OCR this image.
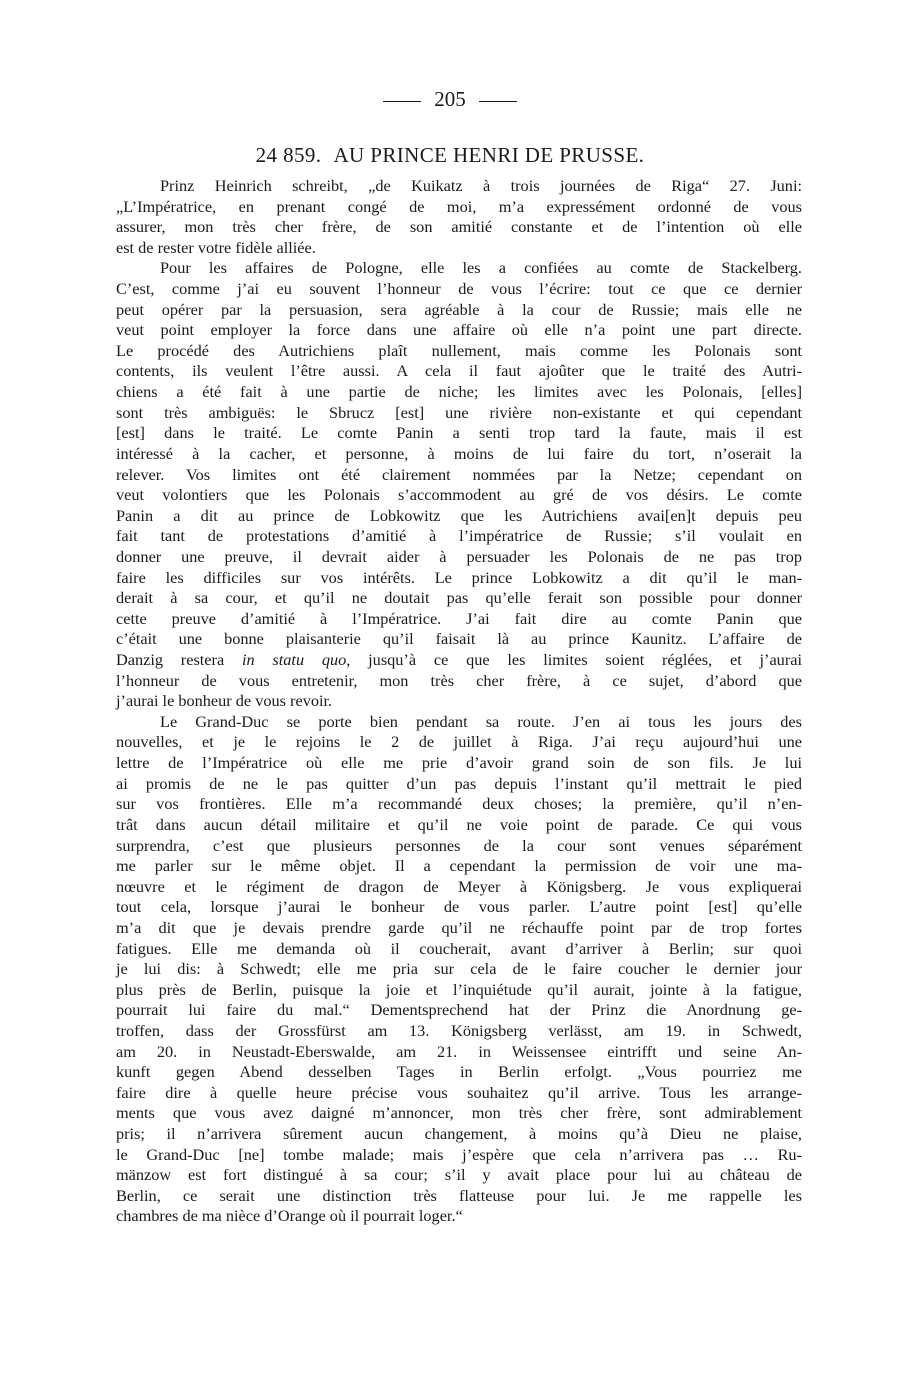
205
24 859. AU PRINCE HENRI DE PRUSSE.
Prinz Heinrich schreibt, „de Kuikatz à trois journées de Riga“ 27. Juni:
„L’Impératrice, en prenant congé de moi, m’a expressément ordonné de vous
assurer, mon très cher frère, de son amitié constante et de l’intention où elle
est de rester votre fidèle alliée.
Pour les affaires de Pologne, elle les a confiées au comte de Stackelberg.
C’est, comme j’ai eu souvent l’honneur de vous l’écrire: tout ce que ce dernier
peut opérer par la persuasion, sera agréable à la cour de Russie; mais elle ne
veut point employer la force dans une affaire où elle n’a point une part directe.
Le procédé des Autrichiens plaît nullement, mais comme les Polonais sont
contents, ils veulent l’être aussi. A cela il faut ajoûter que le traité des Autri-
chiens a été fait à une partie de niche; les limites avec les Polonais, [elles]
sont très ambiguës: le Sbrucz [est] une rivière non-existante et qui cependant
[est] dans le traité. Le comte Panin a senti trop tard la faute, mais il est
intéressé à la cacher, et personne, à moins de lui faire du tort, n’oserait la
relever. Vos limites ont été clairement nommées par la Netze; cependant on
veut volontiers que les Polonais s’accommodent au gré de vos désirs. Le comte
Panin a dit au prince de Lobkowitz que les Autrichiens avai[en]t depuis peu
fait tant de protestations d’amitié à l’impératrice de Russie; s’il voulait en
donner une preuve, il devrait aider à persuader les Polonais de ne pas trop
faire les difficiles sur vos intérêts. Le prince Lobkowitz a dit qu’il le man-
derait à sa cour, et qu’il ne doutait pas qu’elle ferait son possible pour donner
cette preuve d’amitié à l’Impératrice. J’ai fait dire au comte Panin que
c’était une bonne plaisanterie qu’il faisait là au prince Kaunitz. L’affaire de
Danzig restera in statu quo, jusqu’à ce que les limites soient réglées, et j’aurai
l’honneur de vous entretenir, mon très cher frère, à ce sujet, d’abord que
j’aurai le bonheur de vous revoir.
Le Grand-Duc se porte bien pendant sa route. J’en ai tous les jours des
nouvelles, et je le rejoins le 2 de juillet à Riga. J’ai reçu aujourd’hui une
lettre de l’Impératrice où elle me prie d’avoir grand soin de son fils. Je lui
ai promis de ne le pas quitter d’un pas depuis l’instant qu’il mettrait le pied
sur vos frontières. Elle m’a recommandé deux choses; la première, qu’il n’en-
trât dans aucun détail militaire et qu’il ne voie point de parade. Ce qui vous
surprendra, c’est que plusieurs personnes de la cour sont venues séparément
me parler sur le même objet. Il a cependant la permission de voir une ma-
nœuvre et le régiment de dragon de Meyer à Königsberg. Je vous expliquerai
tout cela, lorsque j’aurai le bonheur de vous parler. L’autre point [est] qu’elle
m’a dit que je devais prendre garde qu’il ne réchauffe point par de trop fortes
fatigues. Elle me demanda où il coucherait, avant d’arriver à Berlin; sur quoi
je lui dis: à Schwedt; elle me pria sur cela de le faire coucher le dernier jour
plus près de Berlin, puisque la joie et l’inquiétude qu’il aurait, jointe à la fatigue,
pourrait lui faire du mal.“ Dementsprechend hat der Prinz die Anordnung ge-
troffen, dass der Grossfürst am 13. Königsberg verlässt, am 19. in Schwedt,
am 20. in Neustadt-Eberswalde, am 21. in Weissensee eintrifft und seine An-
kunft gegen Abend desselben Tages in Berlin erfolgt. „Vous pourriez me
faire dire à quelle heure précise vous souhaitez qu’il arrive. Tous les arrange-
ments que vous avez daigné m’annoncer, mon très cher frère, sont admirablement
pris; il n’arrivera sûrement aucun changement, à moins qu’à Dieu ne plaise,
le Grand-Duc [ne] tombe malade; mais j’espère que cela n’arrivera pas … Ru-
mänzow est fort distingué à sa cour; s’il y avait place pour lui au château de
Berlin, ce serait une distinction très flatteuse pour lui. Je me rappelle les
chambres de ma nièce d’Orange où il pourrait loger.“
